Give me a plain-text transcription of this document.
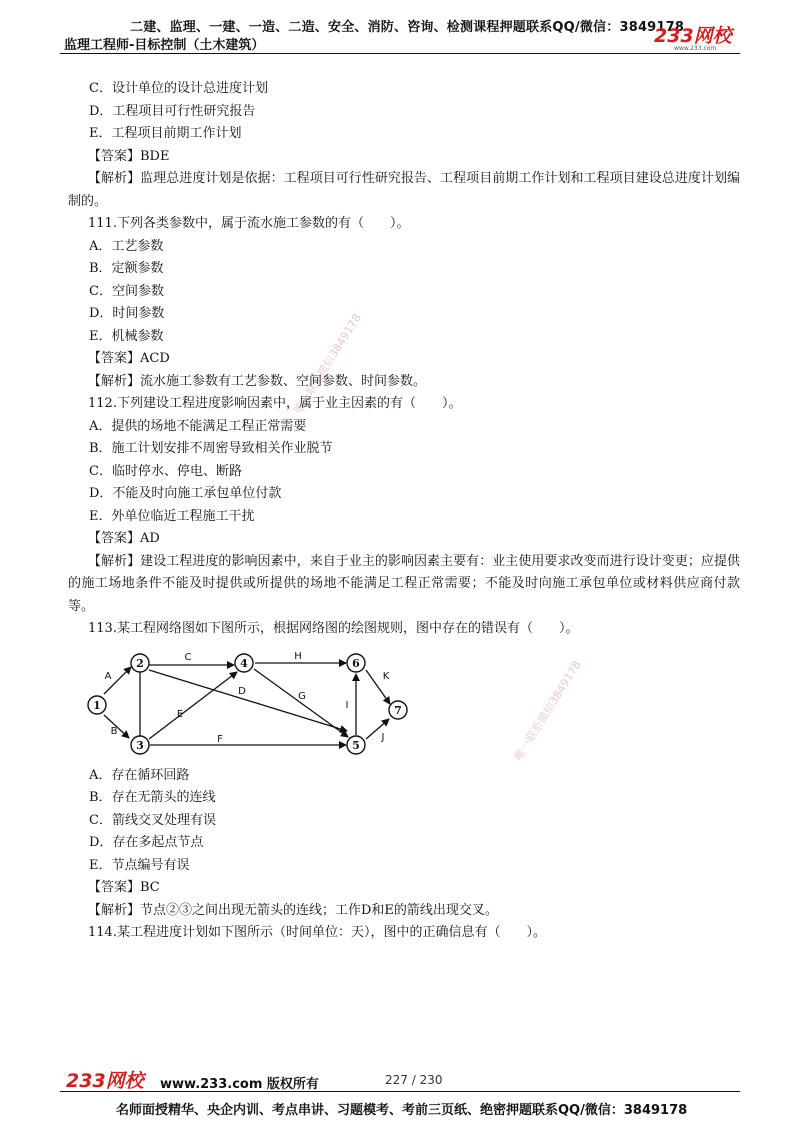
二建、监理、一建、一造、二造、安全、消防、咨询、检测课程押题联系QQ/微信：3849178
监理工程师-目标控制（土木建筑）	233网校
www.233.com
唯一联系微信3849178
唯一联系微信3849178

C．设计单位的设计总进度计划

D．工程项目可行性研究报告

E．工程项目前期工作计划

【答案】BDE

【解析】监理总进度计划是依据：工程项目可行性研究报告、工程项目前期工作计划和工程项目建设总进度计划编制的。

111.下列各类参数中，属于流水施工参数的有（　　）。

A．工艺参数

B．定额参数

C．空间参数

D．时间参数

E．机械参数

【答案】ACD

【解析】流水施工参数有工艺参数、空间参数、时间参数。

112.下列建设工程进度影响因素中，属于业主因素的有（　　）。

A．提供的场地不能满足工程正常需要

B．施工计划安排不周密导致相关作业脱节

C．临时停水、停电、断路

D．不能及时向施工承包单位付款

E．外单位临近工程施工干扰

【答案】AD

【解析】建设工程进度的影响因素中，来自于业主的影响因素主要有：业主使用要求改变而进行设计变更；应提供的施工场地条件不能及时提供或所提供的场地不能满足工程正常需要；不能及时向施工承包单位或材料供应商付款等。

113.某工程网络图如下图所示，根据网络图的绘图规则，图中存在的错误有（　　）。

1
2
3
4
5
6
7
A
B
C
D
E
F
G
H
I
J
K

A．存在循环回路

B．存在无箭头的连线

C．箭线交叉处理有误

D．存在多起点节点

E．节点编号有误

【答案】BC

【解析】节点②③之间出现无箭头的连线；工作D和E的箭线出现交叉。

114.某工程进度计划如下图所示（时间单位：天），图中的正确信息有（　　）。

233网校 www.233.com 版权所有	227 / 230
名师面授精华、央企内训、考点串讲、习题模考、考前三页纸、绝密押题联系QQ/微信：3849178
